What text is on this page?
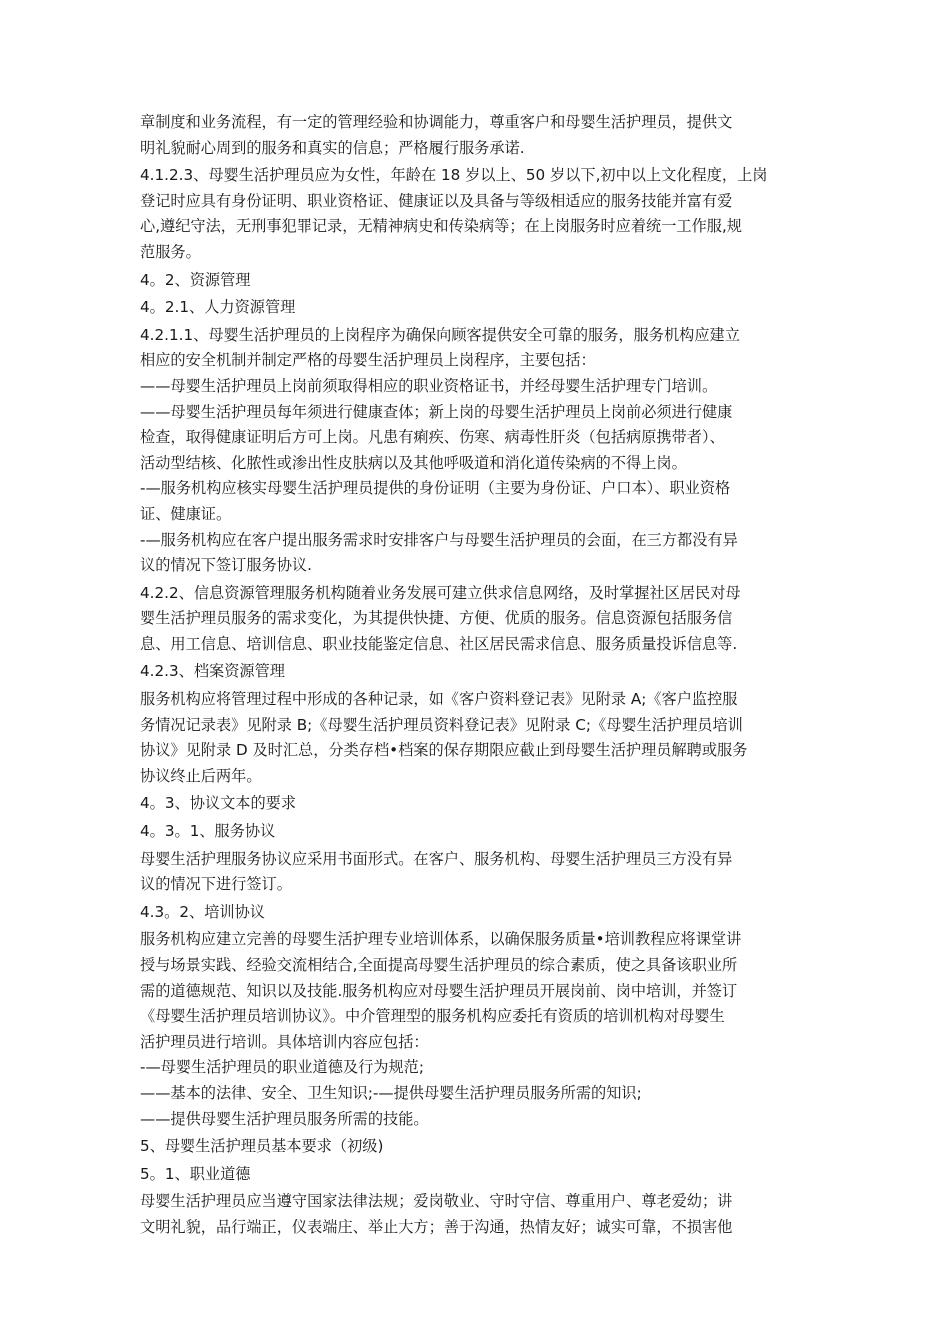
章制度和业务流程，有一定的管理经验和协调能力，尊重客户和母婴生活护理员，提供文
明礼貌耐心周到的服务和真实的信息；严格履行服务承诺.

4.1.2.3、母婴生活护理员应为女性，年龄在 18 岁以上、50 岁以下,初中以上文化程度，上岗
登记时应具有身份证明、职业资格证、健康证以及具备与等级相适应的服务技能并富有爱
心,遵纪守法，无刑事犯罪记录，无精神病史和传染病等；在上岗服务时应着统一工作服,规
范服务。

4。2、资源管理

4。2.1、人力资源管理

4.2.1.1、母婴生活护理员的上岗程序为确保向顾客提供安全可靠的服务，服务机构应建立
相应的安全机制并制定严格的母婴生活护理员上岗程序，主要包括：
——母婴生活护理员上岗前须取得相应的职业资格证书，并经母婴生活护理专门培训。
——母婴生活护理员每年须进行健康查体；新上岗的母婴生活护理员上岗前必须进行健康
检查，取得健康证明后方可上岗。凡患有痢疾、伤寒、病毒性肝炎（包括病原携带者）、
活动型结核、化脓性或渗出性皮肤病以及其他呼吸道和消化道传染病的不得上岗。
-—服务机构应核实母婴生活护理员提供的身份证明（主要为身份证、户口本）、职业资格
证、健康证。
-—服务机构应在客户提出服务需求时安排客户与母婴生活护理员的会面，在三方都没有异
议的情况下签订服务协议.

4.2.2、信息资源管理服务机构随着业务发展可建立供求信息网络，及时掌握社区居民对母
婴生活护理员服务的需求变化，为其提供快捷、方便、优质的服务。信息资源包括服务信
息、用工信息、培训信息、职业技能鉴定信息、社区居民需求信息、服务质量投诉信息等.

4.2.3、档案资源管理

服务机构应将管理过程中形成的各种记录，如《客户资料登记表》见附录 A;《客户监控服
务情况记录表》见附录 B;《母婴生活护理员资料登记表》见附录 C;《母婴生活护理员培训
协议》见附录 D 及时汇总，分类存档•档案的保存期限应截止到母婴生活护理员解聘或服务
协议终止后两年。

4。3、协议文本的要求

4。3。1、服务协议

母婴生活护理服务协议应采用书面形式。在客户、服务机构、母婴生活护理员三方没有异
议的情况下进行签订。

4.3。2、培训协议

服务机构应建立完善的母婴生活护理专业培训体系，以确保服务质量•培训教程应将课堂讲
授与场景实践、经验交流相结合,全面提高母婴生活护理员的综合素质，使之具备该职业所
需的道德规范、知识以及技能.服务机构应对母婴生活护理员开展岗前、岗中培训，并签订
《母婴生活护理员培训协议》。中介管理型的服务机构应委托有资质的培训机构对母婴生
活护理员进行培训。具体培训内容应包括：
-—母婴生活护理员的职业道德及行为规范;
——基本的法律、安全、卫生知识;-—提供母婴生活护理员服务所需的知识;
——提供母婴生活护理员服务所需的技能。

5、母婴生活护理员基本要求（初级)

5。1、职业道德

母婴生活护理员应当遵守国家法律法规；爱岗敬业、守时守信、尊重用户、尊老爱幼；讲
文明礼貌，品行端正，仪表端庄、举止大方；善于沟通，热情友好；诚实可靠，不损害他
